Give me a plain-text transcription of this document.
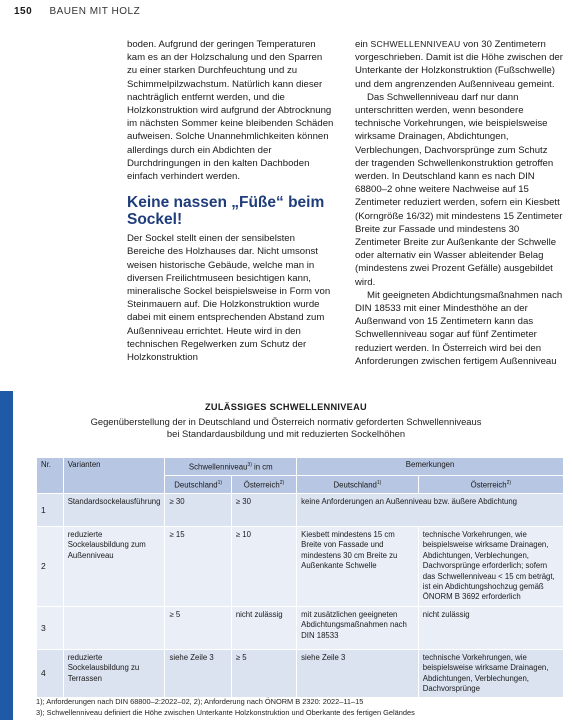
150 BAUEN MIT HOLZ

boden. Aufgrund der geringen Temperaturen kam es an der Holzschalung und den Sparren zu einer starken Durchfeuchtung und zu Schimmelpilzwachstum. Natürlich kann dieser nachträglich entfernt werden, und die Holzkonstruktion wird aufgrund der Abtrocknung im nächsten Sommer keine bleibenden Schäden aufweisen. Solche Unannehmlichkeiten können allerdings durch ein Abdichten der Durchdringungen in den kalten Dachboden einfach verhindert werden.

Keine nassen „Füße“ beim Sockel!

Der Sockel stellt einen der sensibelsten Bereiche des Holzhauses dar. Nicht umsonst weisen historische Gebäude, welche man in diversen Freilichtmuseen besichtigen kann, mineralische Sockel beispielsweise in Form von Steinmauern auf. Die Holzkonstruktion wurde dabei mit einem entsprechenden Abstand zum Außenniveau errichtet. Heute wird in den technischen Regelwerken zum Schutz der Holzkonstruktion

ein SCHWELLENNIVEAU von 30 Zentimetern vorgeschrieben. Damit ist die Höhe zwischen der Unterkante der Holzkonstruktion (Fußschwelle) und dem angrenzenden Außenniveau gemeint.

Das Schwellenniveau darf nur dann unterschritten werden, wenn besondere technische Vorkehrungen, wie beispielsweise wirksame Drainagen, Abdichtungen, Verblechungen, Dachvorsprünge zum Schutz der tragenden Schwellenkonstruktion getroffen werden. In Deutschland kann es nach DIN 68800–2 ohne weitere Nachweise auf 15 Zentimeter reduziert werden, sofern ein Kiesbett (Korngröße 16/32) mit mindestens 15 Zentimeter Breite zur Fassade und mindestens 30 Zentimeter Breite zur Außenkante der Schwelle oder alternativ ein Wasser ableitender Belag (mindestens zwei Prozent Gefälle) ausgebildet wird.

Mit geeigneten Abdichtungsmaßnahmen nach DIN 18533 mit einer Mindesthöhe an der Außenwand von 15 Zentimetern kann das Schwellenniveau sogar auf fünf Zentimeter reduziert werden. In Österreich wird bei den Anforderungen zwischen fertigem Außenniveau

ZULÄSSIGES SCHWELLENNIVEAU
Gegenüberstellung der in Deutschland und Österreich normativ geforderten Schwellenniveaus
bei Standardausbildung und mit reduzierten Sockelhöhen
Nr.	Varianten	Schwellenniveau$^{3)}$ in cm		Bemerkungen	
		Deutschland$^{1)}$	Österreich$^{2)}$	Deutschland$^{1)}$	Österreich$^{2)}$
1	Standardsockelausführung	≥ 30	≥ 30	keine Anforderungen an Außenniveau bzw. äußere Abdichtung	
2	reduzierte Sockelausbildung zum Außenniveau	≥ 15	≥ 10	Kiesbett mindestens 15 cm Breite von Fassade und mindestens 30 cm Breite zu Außenkante Schwelle	technische Vorkehrungen, wie beispielsweise wirksame Drainagen, Abdichtungen, Verblechungen, Dachvorsprünge erforderlich; sofern das Schwellenniveau < 15 cm beträgt, ist ein Abdichtungshochzug gemäß ÖNORM B 3692 erforderlich
3		≥ 5	nicht zulässig	mit zusätzlichen geeigneten Abdichtungsmaßnahmen nach DIN 18533	nicht zulässig
4	reduzierte Sockelausbildung zu Terrassen	siehe Zeile 3	≥ 5	siehe Zeile 3	technische Vorkehrungen, wie beispielsweise wirksame Drainagen, Abdichtungen, Verblechungen, Dachvorsprünge
1); Anforderungen nach DIN 68800–2:2022–02, 2); Anforderung nach ÖNORM B 2320: 2022–11–15
3); Schwellenniveau definiert die Höhe zwischen Unterkante Holzkonstruktion und Oberkante des fertigen Geländes
